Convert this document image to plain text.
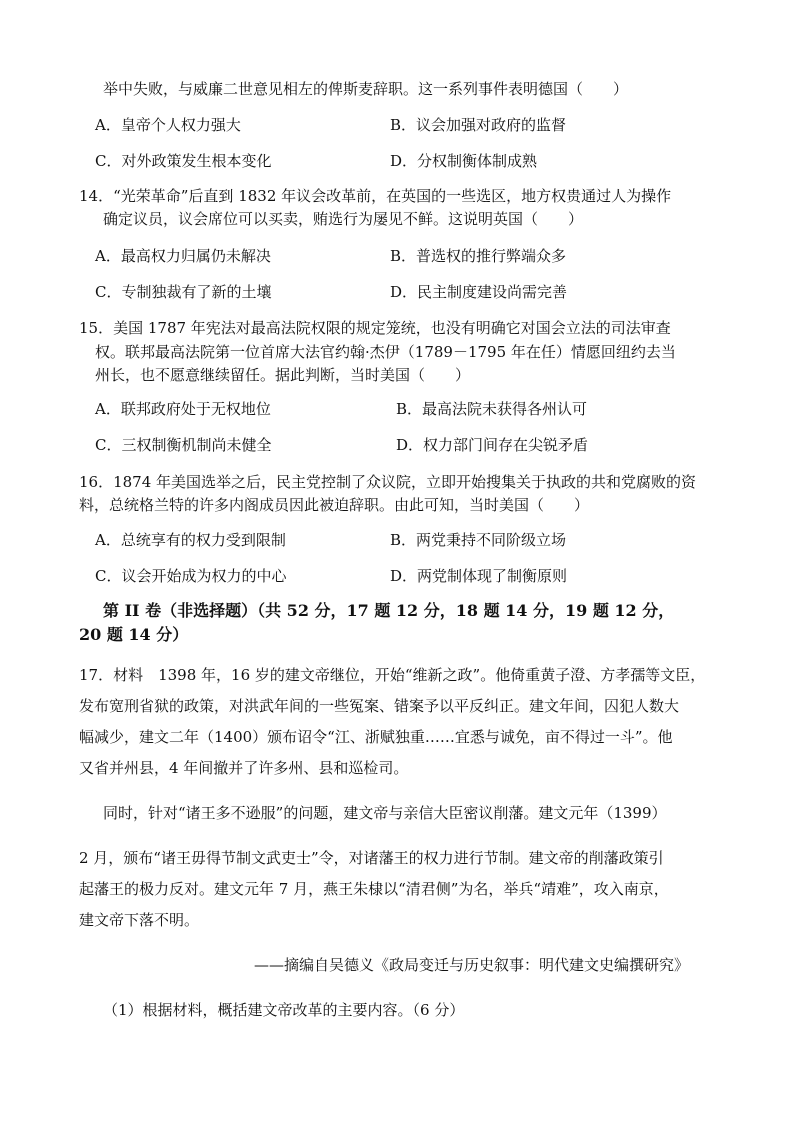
举中失败，与威廉二世意见相左的俾斯麦辞职。这一系列事件表明德国（　　）
A．皇帝个人权力强大	B．议会加强对政府的监督
C．对外政策发生根本变化	D．分权制衡体制成熟
14．“光荣革命”后直到 1832 年议会改革前，在英国的一些选区，地方权贵通过人为操作
确定议员，议会席位可以买卖，贿选行为屡见不鲜。这说明英国（　　）
A．最高权力归属仍未解决	B．普选权的推行弊端众多
C．专制独裁有了新的土壤	D．民主制度建设尚需完善
15．美国 1787 年宪法对最高法院权限的规定笼统，也没有明确它对国会立法的司法审查
权。联邦最高法院第一位首席大法官约翰·杰伊（1789－1795 年在任）情愿回纽约去当
州长，也不愿意继续留任。据此判断，当时美国（　　）
A．联邦政府处于无权地位	B．最高法院未获得各州认可
C．三权制衡机制尚未健全	D．权力部门间存在尖锐矛盾
16．1874 年美国选举之后，民主党控制了众议院，立即开始搜集关于执政的共和党腐败的资
料，总统格兰特的许多内阁成员因此被迫辞职。由此可知，当时美国（　　）
A．总统享有的权力受到限制	B．两党秉持不同阶级立场
C．议会开始成为权力的中心	D．两党制体现了制衡原则
第 II 卷（非选择题）（共 52 分，17 题 12 分，18 题 14 分，19 题 12 分，
20 题 14 分）
17．材料　1398 年，16 岁的建文帝继位，开始“维新之政”。他倚重黄子澄、方孝孺等文臣，
发布宽刑省狱的政策，对洪武年间的一些冤案、错案予以平反纠正。建文年间，囚犯人数大
幅减少，建文二年（1400）颁布诏令“江、浙赋独重……宜悉与诚免，亩不得过一斗”。他
又省并州县，4 年间撤并了许多州、县和巡检司。
同时，针对“诸王多不逊服”的问题，建文帝与亲信大臣密议削藩。建文元年（1399）
2 月，颁布“诸王毋得节制文武吏士”令，对诸藩王的权力进行节制。建文帝的削藩政策引
起藩王的极力反对。建文元年 7 月，燕王朱棣以“清君侧”为名，举兵“靖难”，攻入南京，
建文帝下落不明。
——摘编自吴德义《政局变迁与历史叙事：明代建文史编撰研究》
（1）根据材料，概括建文帝改革的主要内容。（6 分）
